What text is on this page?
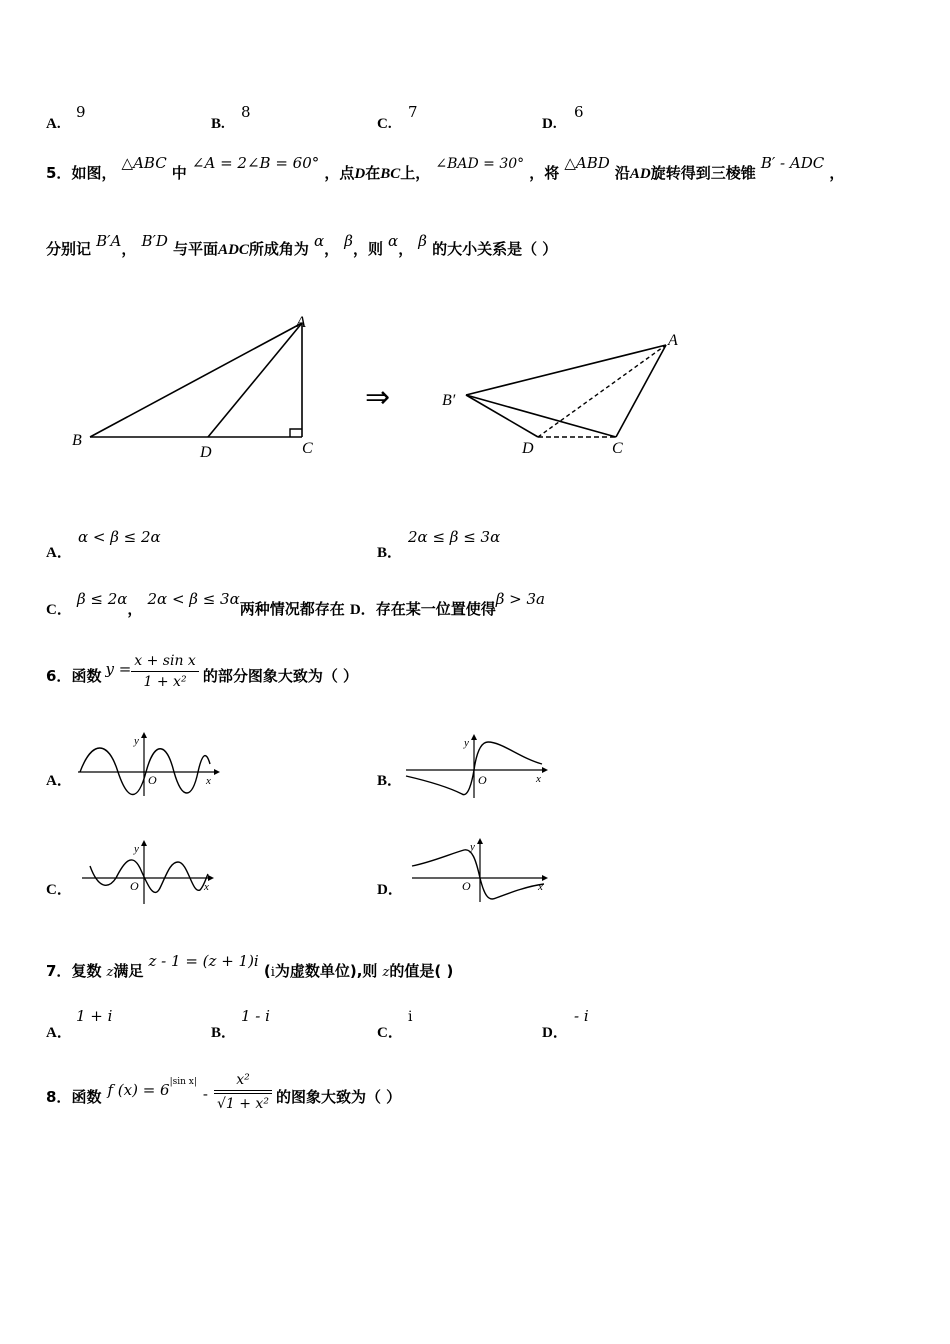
A.
9
B.
8
C.
7
D.
6
5．如图， △ABC 中 ∠A = 2∠B = 60° ，点D在BC上， ∠BAD = 30° ，将 △ABD 沿AD旋转得到三棱锥 B′ - ADC ，
分别记 B′A， B′D 与平面ADC所成角为 α， β，则 α， β 的大小关系是（ ）
A
B	C
D
⇒
A
B′
C
D
A．
α < β ≤ 2α
B．
2α ≤ β ≤ 3α
C． β ≤ 2α， 2α < β ≤ 3α两种情况都存在 D．存在某一位置使得β > 3a
6． 函数 $y = \frac{\text{x + sin x}}{\text{1 + x²}}$ 的部分图象大致为（ ）
A．
y
x
O	B．
y
x
O
C．
y
x
O	D．
y
x
O
7．复数 z满足 z - 1 = (z + 1)i (i为虚数单位),则 z的值是( )
A．
1 + i
B．
1 - i
C．
i
D．
- i
8． 函数 f (x) = 6 |sin x|
- $\frac{\text{x²}}{\text{√1 + x²}}$ 的图象大致为（ ）
